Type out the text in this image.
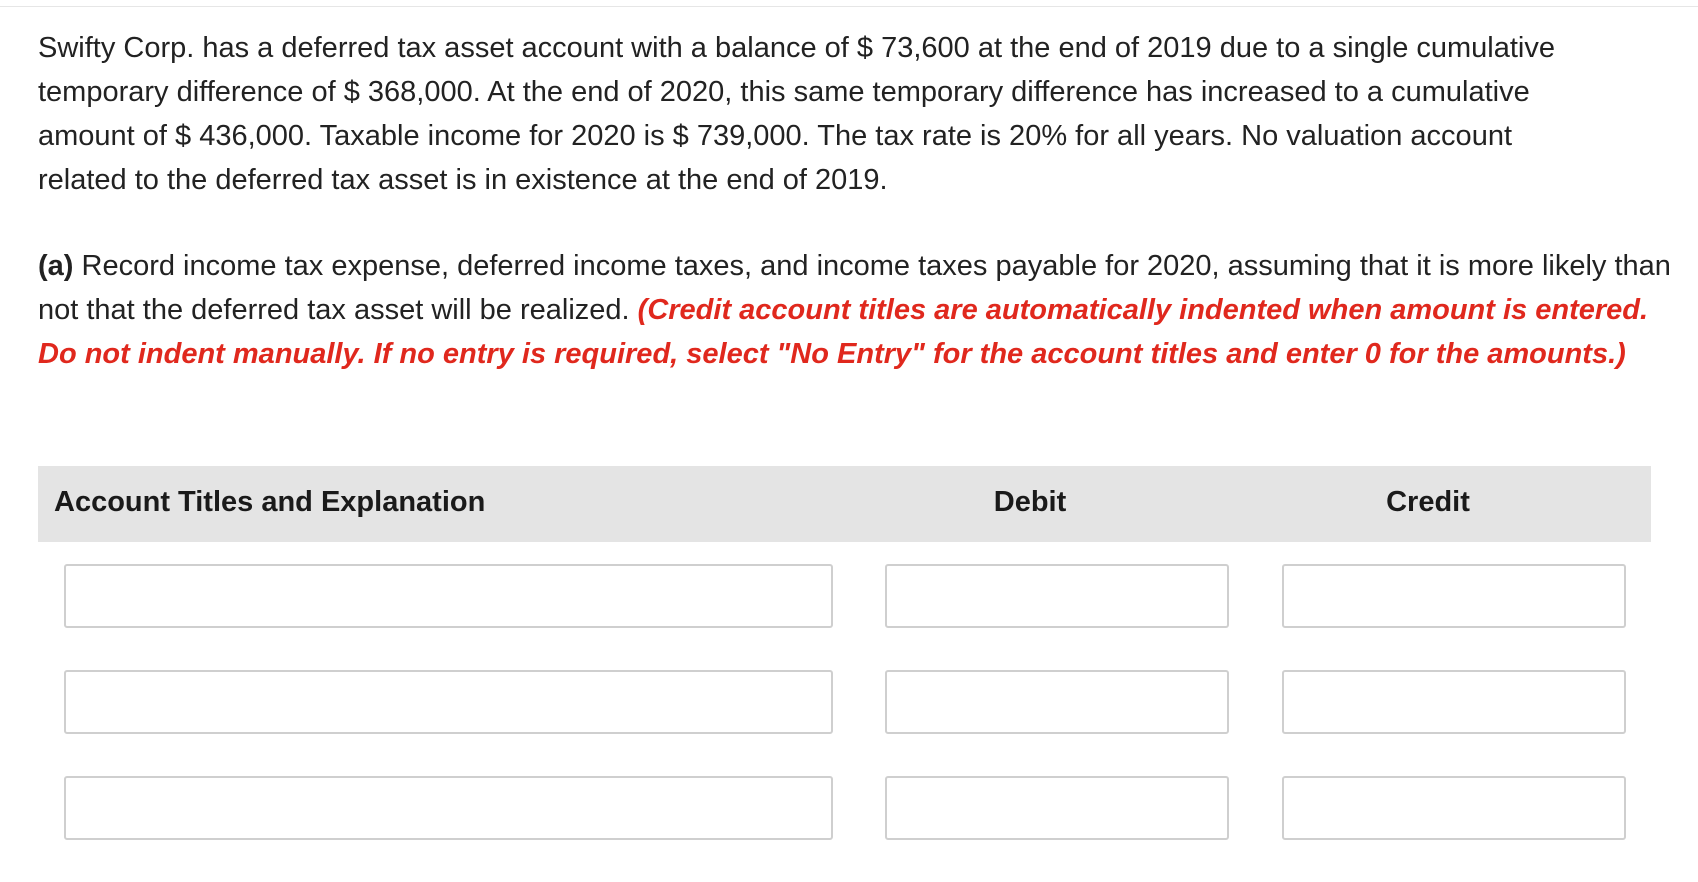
Swifty Corp. has a deferred tax asset account with a balance of $ 73,600 at the end of 2019 due to a single cumulative

temporary difference of $ 368,000. At the end of 2020, this same temporary difference has increased to a cumulative

amount of $ 436,000. Taxable income for 2020 is $ 739,000. The tax rate is 20% for all years. No valuation account

related to the deferred tax asset is in existence at the end of 2019.

(a) Record income tax expense, deferred income taxes, and income taxes payable for 2020, assuming that it is more likely than not that the deferred tax asset will be realized. (Credit account titles are automatically indented when amount is entered. Do not indent manually. If no entry is required, select "No Entry" for the account titles and enter 0 for the amounts.)
Account Titles and Explanation	Debit	Credit
